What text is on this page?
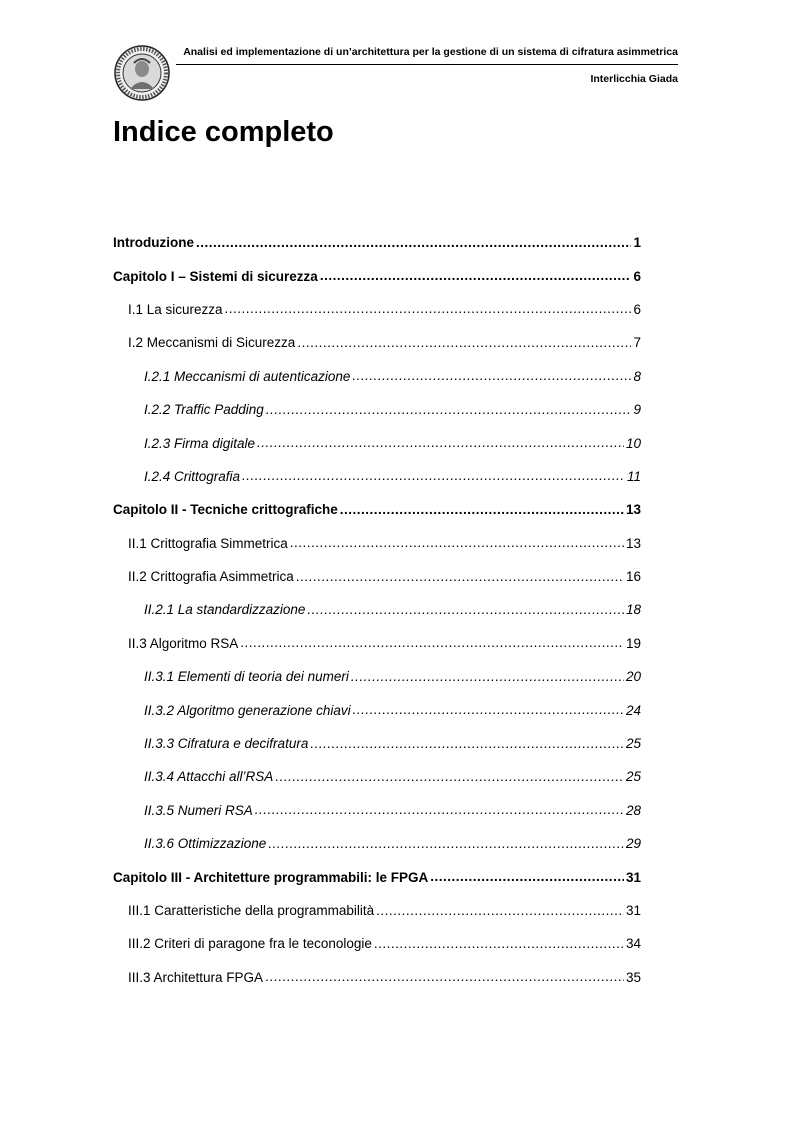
Analisi ed implementazione di un’architettura per la gestione di un sistema di cifratura asimmetrica
Interlicchia Giada
Indice completo
Introduzione .....	1
Capitolo I – Sistemi di sicurezza .....	6
I.1 La sicurezza .....	6
I.2 Meccanismi di Sicurezza .....	7
I.2.1 Meccanismi di autenticazione .....	8
I.2.2 Traffic Padding .....	9
I.2.3 Firma digitale .....	10
I.2.4 Crittografia .....	11
Capitolo II - Tecniche crittografiche .....	13
II.1 Crittografia Simmetrica .....	13
II.2 Crittografia Asimmetrica .....	16
II.2.1 La standardizzazione .....	18
II.3 Algoritmo RSA .....	19
II.3.1 Elementi di teoria dei numeri .....	20
II.3.2 Algoritmo generazione chiavi .....	24
II.3.3 Cifratura e decifratura .....	25
II.3.4 Attacchi all’RSA .....	25
II.3.5 Numeri RSA .....	28
II.3.6 Ottimizzazione .....	29
Capitolo III - Architetture programmabili: le FPGA .....	31
III.1 Caratteristiche della programmabilità .....	31
III.2 Criteri di paragone fra le teconologie .....	34
III.3 Architettura FPGA .....	35
